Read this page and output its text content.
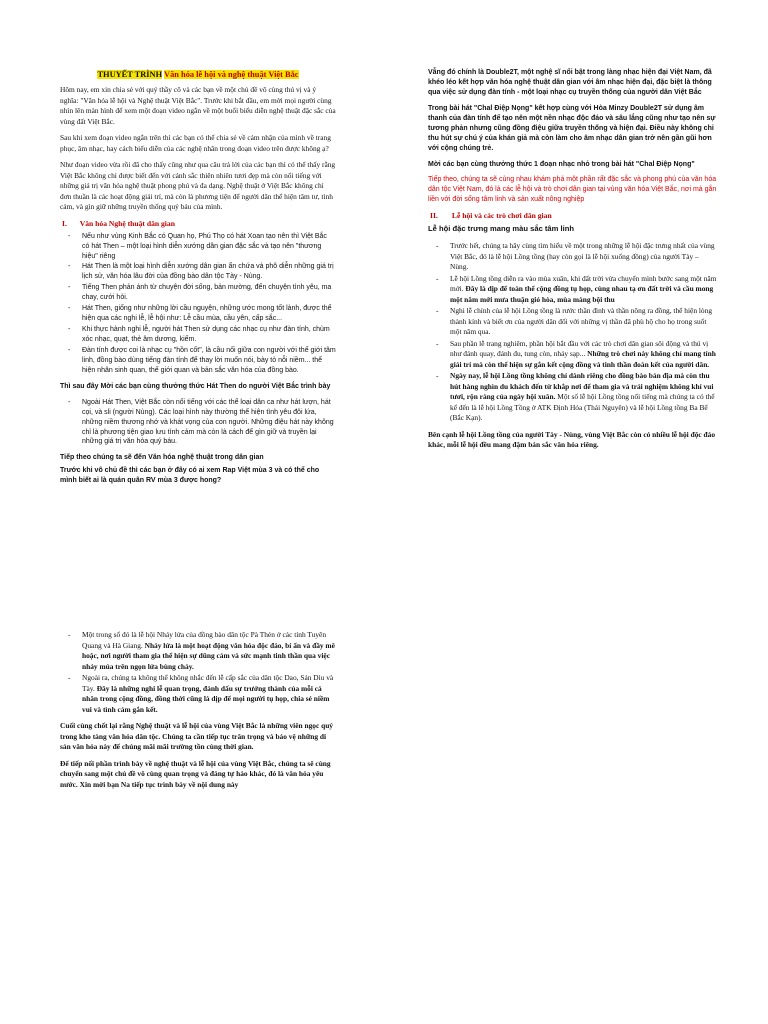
THUYẾT TRÌNH Văn hóa lễ hội và nghệ thuật Việt Bắc

Hôm nay, em xin chia sẻ với quý thầy cô và các bạn về một chủ đề vô cùng thú vị và ý nghĩa: "Văn hóa lễ hội và Nghệ thuật Việt Bắc". Trước khi bắt đầu, em mời mọi người cùng nhìn lên màn hình để xem một đoạn video ngắn về một buổi biểu diễn nghệ thuật đặc sắc của vùng đất Việt Bắc.

Sau khi xem đoạn video ngắn trên thì các bạn có thể chia sẻ về cảm nhận của mình về trang phục, âm nhạc, hay cách biểu diễn của các nghệ nhân trong đoạn video trên được không ạ?

Như đoạn video vừa rồi đã cho thấy cũng như qua câu trả lời của các bạn thì có thể thấy rằng Việt Bắc không chỉ được biết đến với cảnh sắc thiên nhiên tươi đẹp mà còn nổi tiếng với những giá trị văn hóa nghệ thuật phong phú và đa dạng. Nghệ thuật ở Việt Bắc không chỉ đơn thuần là các hoạt động giải trí, mà còn là phương tiện để người dân thể hiện tâm tư, tình cảm, và gìn giữ những truyền thống quý báu của mình.

I. Văn hóa Nghệ thuật dân gian
- Nếu như vùng Kinh Bắc có Quan họ, Phú Thọ có hát Xoan tạo nên thì Việt Bắc có hát Then – một loại hình diễn xướng dân gian đặc sắc và tạo nên "thương hiệu" riêng
- Hát Then là một loại hình diễn xướng dân gian ẩn chứa và phô diễn những giá trị lịch sử, văn hóa lâu đời của đồng bào dân tộc Tày - Nùng.
- Tiếng Then phản ánh từ chuyện đời sống, bản mường, đến chuyện tình yêu, ma chay, cưới hỏi.
- Hát Then, giống như những lời cầu nguyện, những ước mong tốt lành, được thể hiện qua các nghi lễ, lễ hội như: Lễ cầu mùa, cầu yên, cấp sắc...
- Khi thực hành nghi lễ, người hát Then sử dụng các nhạc cụ như đàn tính, chùm xóc nhạc, quạt, thẻ âm dương, kiếm.
- Đàn tính được coi là nhạc cụ "hồn cốt", là cầu nối giữa con người với thế giới tâm linh, đồng bào dùng tiếng đàn tính để thay lời muốn nói, bày tỏ nỗi niềm... thể hiện nhân sinh quan, thế giới quan và bản sắc văn hóa của đồng bào.

Thì sau đây Mời các bạn cùng thưởng thức Hát Then do người Việt Bắc trình bày

- Ngoài Hát Then, Việt Bắc còn nổi tiếng với các thể loại dân ca như hát lượn, hát cọi, và sli (người Nùng). Các loại hình này thường thể hiện tình yêu đôi lứa, những niềm thương nhớ và khát vọng của con người. Những điệu hát này không chỉ là phương tiện giao lưu tình cảm mà còn là cách để gìn giữ và truyền lại những giá trị văn hóa quý báu.

Tiếp theo chúng ta sẽ đến Văn hóa nghệ thuật trong dân gian

Trước khi vô chủ đề thì các bạn ở đây có ai xem Rap Việt mùa 3 và có thể cho mình biết ai là quán quân RV mùa 3 được hong?

- Một trong số đó là lễ hội Nhảy lửa của đồng bào dân tộc Pà Thẻn ở các tỉnh Tuyên Quang và Hà Giang. Nhảy lửa là một hoạt động văn hóa độc đáo, bí ẩn và đầy mê hoặc, nơi người tham gia thể hiện sự dũng cảm và sức mạnh tinh thần qua việc nhảy múa trên ngọn lửa bùng cháy.
- Ngoài ra, chúng ta không thể không nhắc đến lễ cấp sắc của dân tộc Dao, Sán Dìu và Tày. Đây là những nghi lễ quan trọng, đánh dấu sự trưởng thành của mỗi cá nhân trong cộng đồng, đồng thời cũng là dịp để mọi người tụ họp, chia sẻ niềm vui và tình cảm gắn kết.

Cuối cùng chốt lại rằng Nghệ thuật và lễ hội của vùng Việt Bắc là những viên ngọc quý trong kho tàng văn hóa dân tộc. Chúng ta cần tiếp tục trân trọng và bảo vệ những di sản văn hóa này để chúng mãi mãi trường tồn cùng thời gian.

Để tiếp nối phần trình bày về nghệ thuật và lễ hội của vùng Việt Bắc, chúng ta sẽ cùng chuyển sang một chủ đề vô cùng quan trọng và đáng tự hào khác, đó là văn hóa yêu nước. Xin mời bạn Na tiếp tục trình bày về nội dung này

Vẫng đó chính là Double2T, một nghệ sĩ nổi bật trong làng nhạc hiện đại Việt Nam, đã khéo léo kết hợp văn hóa nghệ thuật dân gian với âm nhạc hiện đại, đặc biệt là thông qua việc sử dụng đàn tính - một loại nhạc cụ truyền thống của người dân Việt Bắc

Trong bài hát "Chal Điệp Nọng" kết hợp cùng với Hòa Minzy Double2T sử dụng âm thanh của đàn tính để tạo nên một nền nhạc độc đáo và sâu lắng cũng như tạo nên sự tương phản nhưng cũng đồng điệu giữa truyền thống và hiện đại. Điều này không chỉ thu hút sự chú ý của khán giả mà còn làm cho âm nhạc dân gian trở nên gần gũi hơn với cộng chúng trẻ.

Mời các bạn cùng thưởng thức 1 đoạn nhạc nhỏ trong bài hát "Chal Điệp Nọng"

Tiếp theo, chúng ta sẽ cùng nhau khám phá một phần rất đặc sắc và phong phú của văn hóa dân tộc Việt Nam, đó là các lễ hội và trò chơi dân gian tại vùng văn hóa Việt Bắc, nơi mà gắn liền với đời sống tâm linh và sản xuất nông nghiệp

II. Lễ hội và các trò chơi dân gian

Lễ hội đặc trưng mang màu sắc tâm linh

- Trước hết, chúng ta hãy cùng tìm hiểu về một trong những lễ hội đặc trưng nhất của vùng Việt Bắc, đó là lễ hội Lồng tồng (hay còn gọi là lễ hội xuống đồng) của người Tày – Nùng.
- Lễ hội Lồng tồng diễn ra vào mùa xuân, khi đất trời vừa chuyển mình bước sang một năm mới. Đây là dịp để toàn thể cộng đồng tụ họp, cùng nhau tạ ơn đất trời và cầu mong một năm mới mưa thuận gió hòa, mùa màng bội thu
- Nghi lễ chính của lễ hội Lồng tồng là rước thần đình và thần nông ra đồng, thể hiện lòng thành kính và biết ơn của người dân đối với những vị thần đã phù hộ cho họ trong suốt một năm qua.
- Sau phần lễ trang nghiêm, phần hội bắt đầu với các trò chơi dân gian sôi động và thú vị như đánh quay, đánh đu, tung còn, nhảy sạp... Những trò chơi này không chỉ mang tính giải trí mà còn thể hiện sự gắn kết cộng đồng và tinh thần đoàn kết của người dân.
- Ngày nay, lễ hội Lồng tồng không chỉ dành riêng cho đồng bào bản địa mà còn thu hút hàng nghìn du khách đến từ khắp nơi để tham gia và trải nghiệm không khí vui tươi, rộn ràng của ngày hội xuân. Một số lễ hội Lồng tồng nổi tiếng mà chúng ta có thể kể đến là lễ hội Lồng Tồng ở ATK Định Hóa (Thái Nguyên) và lễ hội Lồng tồng Ba Bể (Bắc Kạn).

Bên cạnh lễ hội Lồng tồng của người Tày - Nùng, vùng Việt Bắc còn có nhiều lễ hội độc đáo khác, mỗi lễ hội đều mang đậm bản sắc văn hóa riêng.
